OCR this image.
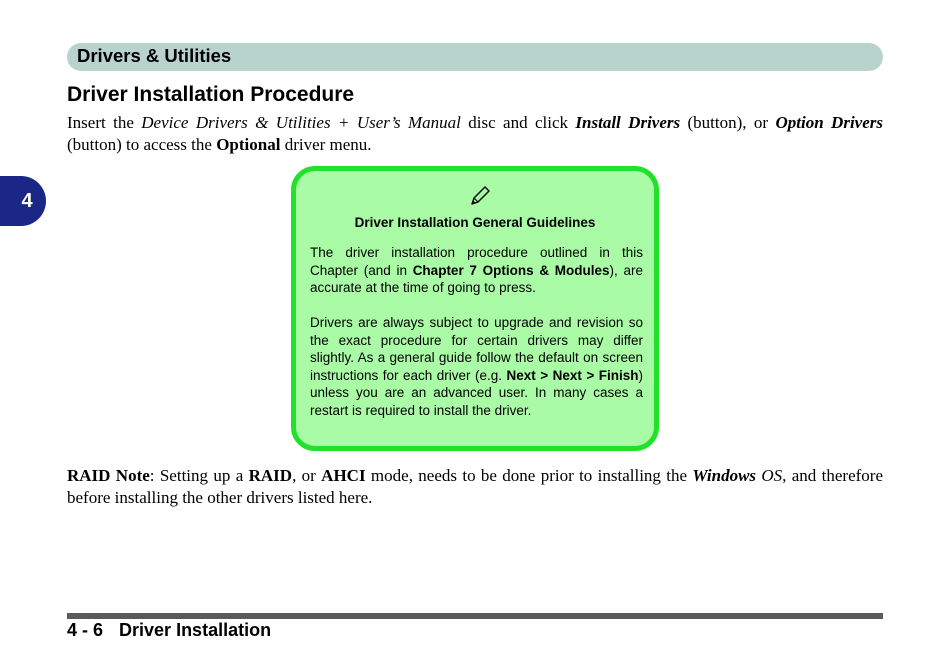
Drivers & Utilities
4
Driver Installation Procedure

Insert the Device Drivers & Utilities + User’s Manual disc and click Install Drivers (button), or Option Drivers (button) to access the Optional driver menu.

Driver Installation General Guidelines

The driver installation procedure outlined in this Chapter (and in Chapter 7 Options & Modules), are accurate at the time of going to press.

Drivers are always subject to upgrade and revision so the exact procedure for certain drivers may differ slightly. As a general guide follow the default on screen instructions for each driver (e.g. Next > Next > Finish) unless you are an advanced user. In many cases a restart is required to install the driver.

RAID Note: Setting up a RAID, or AHCI mode, needs to be done prior to installing the Windows OS, and therefore before installing the other drivers listed here.

4 - 6 Driver Installation
